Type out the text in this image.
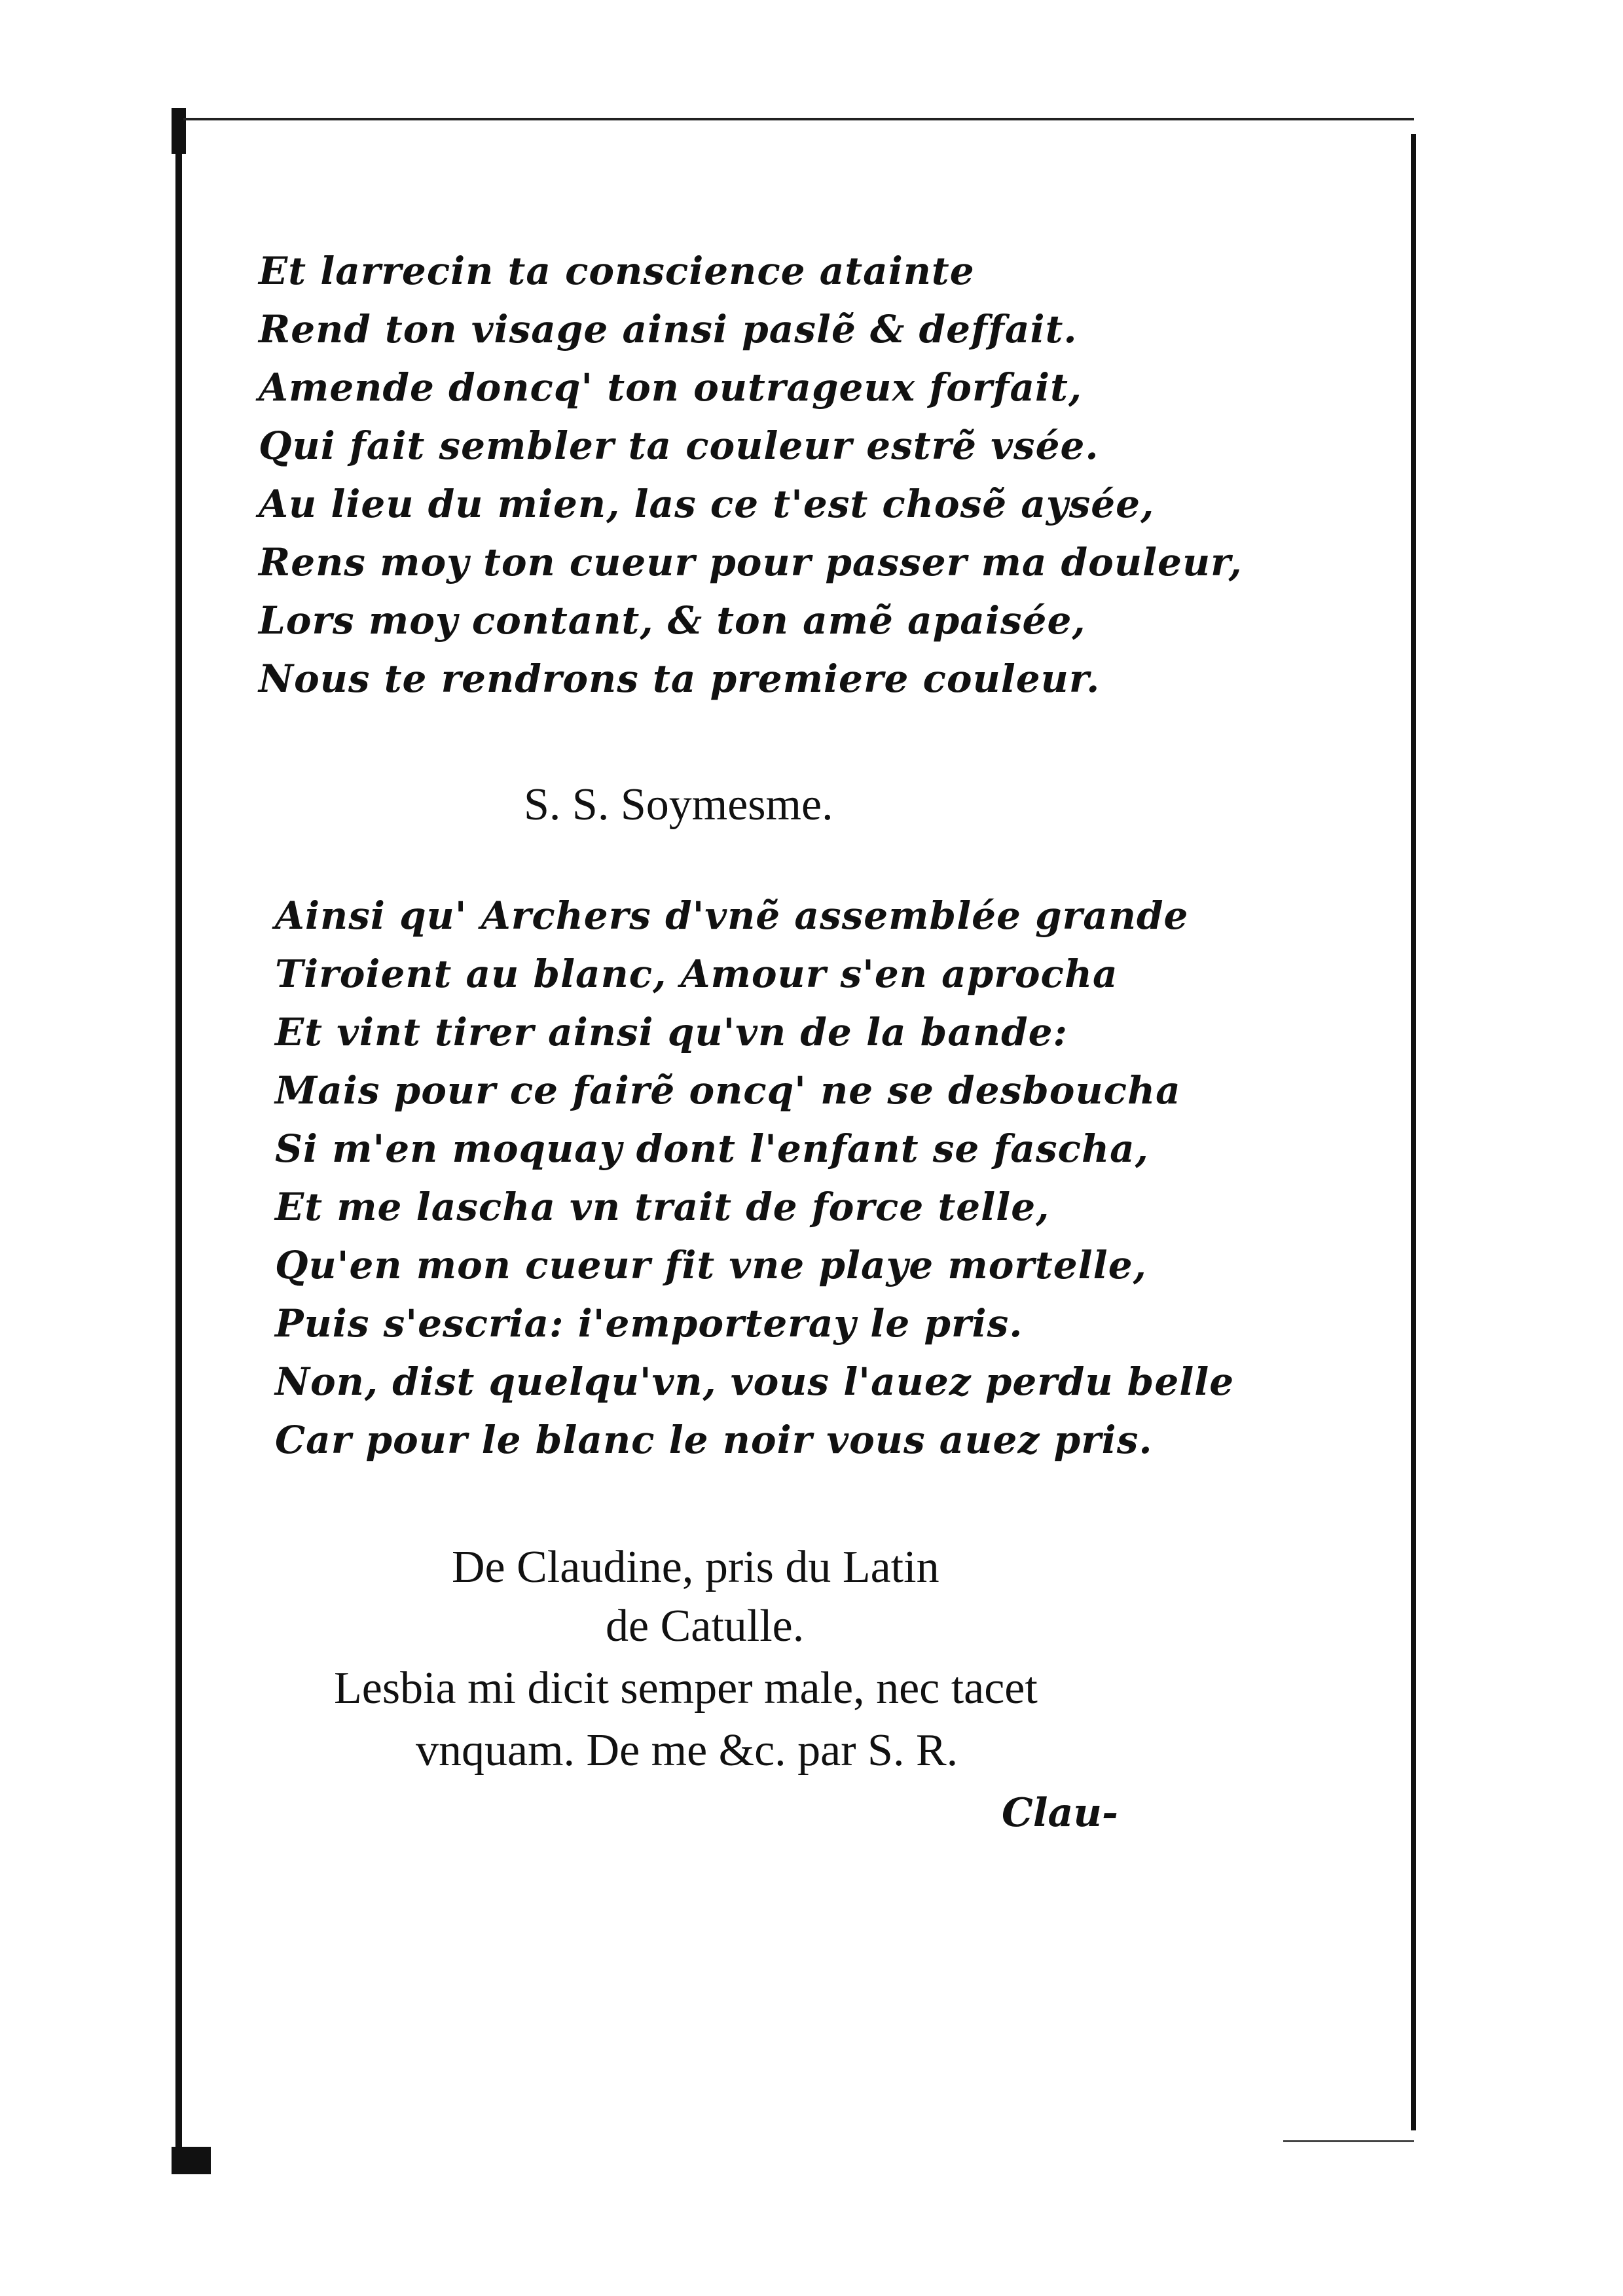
Et larrecin ta conscience atainte
Rend ton visage ainsi paslẽ & deffait.
Amende doncq' ton outrageux forfait,
Qui fait sembler ta couleur estrẽ vsée.
Au lieu du mien, las ce t'est chosẽ aysée,
Rens moy ton cueur pour passer ma douleur,
Lors moy contant, & ton amẽ apaisée,
Nous te rendrons ta premiere couleur.
S. S. Soymesme.
Ainsi qu' Archers d'vnẽ assemblée grande
Tiroient au blanc, Amour s'en aprocha
Et vint tirer ainsi qu'vn de la bande:
Mais pour ce fairẽ oncq' ne se desboucha
Si m'en moquay dont l'enfant se fascha,
Et me lascha vn trait de force telle,
Qu'en mon cueur fit vne playe mortelle,
Puis s'escria: i'emporteray le pris.
Non, dist quelqu'vn, vous l'auez perdu belle
Car pour le blanc le noir vous auez pris.
De Claudine, pris du Latin
de Catulle.
Lesbia mi dicit semper male, nec tacet
vnquam. De me &c. par S. R.
Clau-
